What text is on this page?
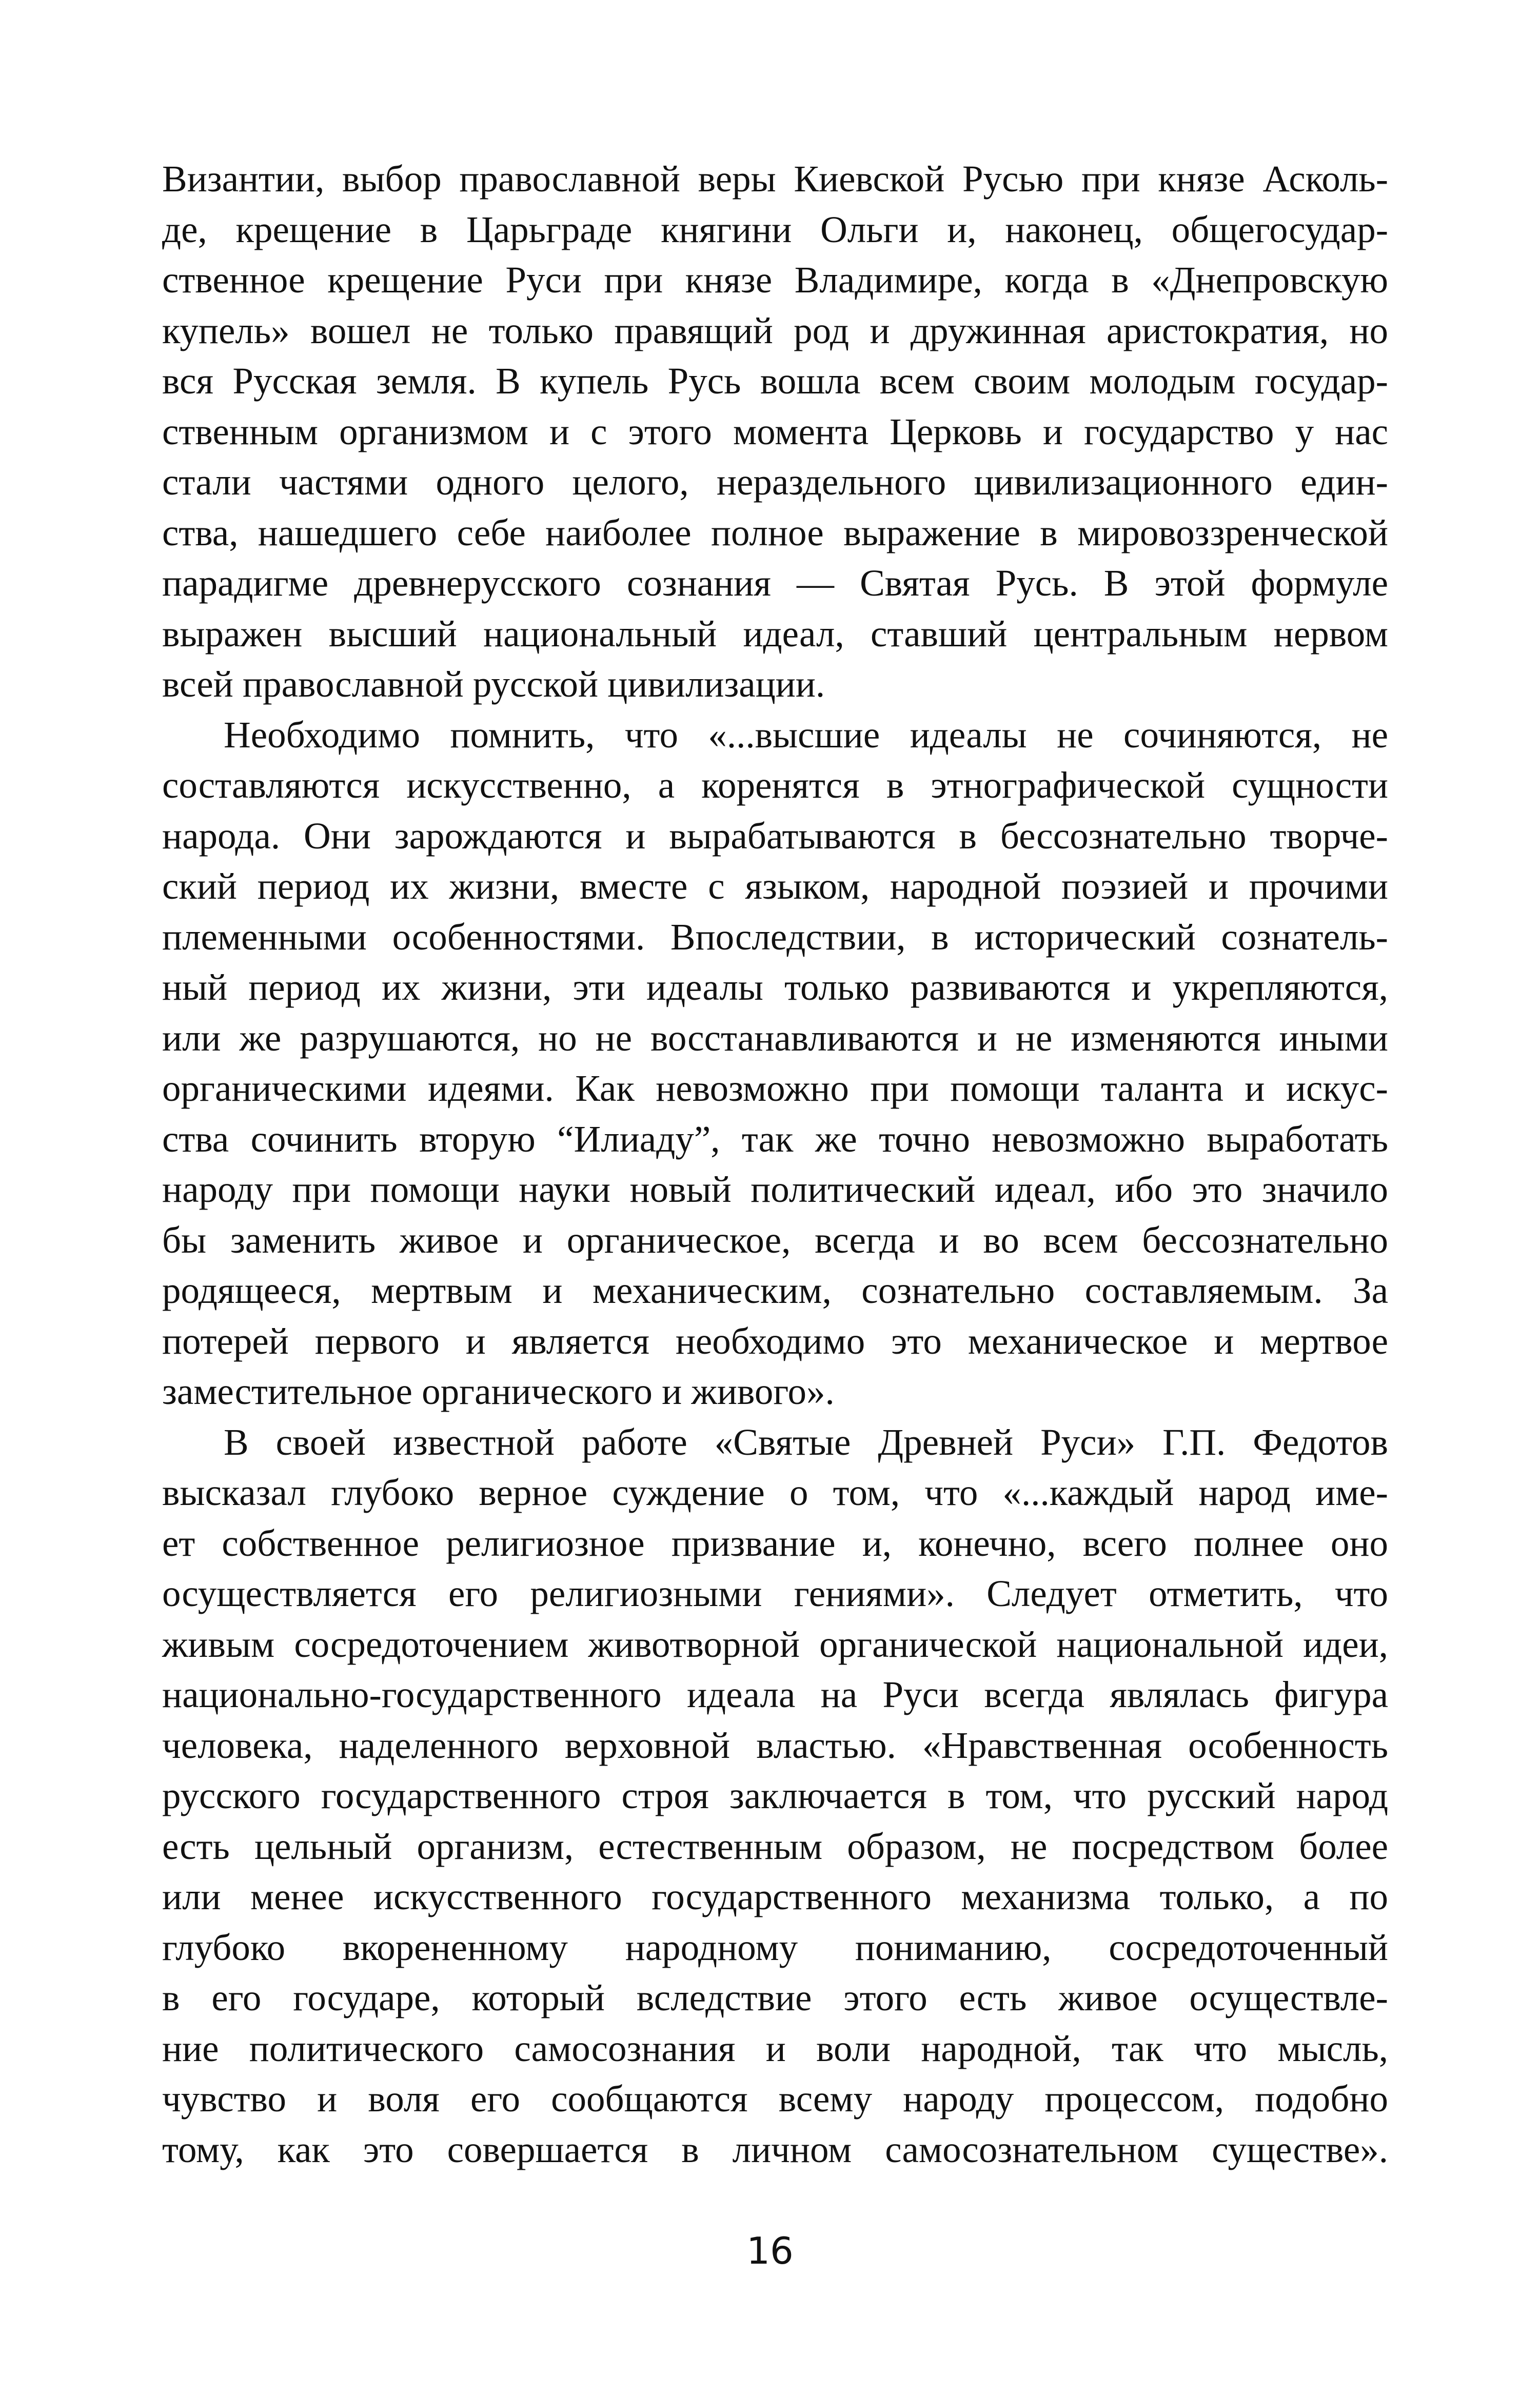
Византии, выбор православной веры Киевской Русью при князе Асколь-
де, крещение в Царьграде княгини Ольги и, наконец, общегосудар-
ственное крещение Руси при князе Владимире, когда в «Днепровскую
купель» вошел не только правящий род и дружинная аристократия, но
вся Русская земля. В купель Русь вошла всем своим молодым государ-
ственным организмом и с этого момента Церковь и государство у нас
стали частями одного целого, нераздельного цивилизационного един-
ства, нашедшего себе наиболее полное выражение в мировоззренческой
парадигме древнерусского сознания — Святая Русь. В этой формуле
выражен высший национальный идеал, ставший центральным нервом
всей православной русской цивилизации.
Необходимо помнить, что «...высшие идеалы не сочиняются, не
составляются искусственно, а коренятся в этнографической сущности
народа. Они зарождаются и вырабатываются в бессознательно творче-
ский период их жизни, вместе с языком, народной поэзией и прочими
племенными особенностями. Впоследствии, в исторический сознатель-
ный период их жизни, эти идеалы только развиваются и укрепляются,
или же разрушаются, но не восстанавливаются и не изменяются иными
органическими идеями. Как невозможно при помощи таланта и искус-
ства сочинить вторую “Илиаду”, так же точно невозможно выработать
народу при помощи науки новый политический идеал, ибо это значило
бы заменить живое и органическое, всегда и во всем бессознательно
родящееся, мертвым и механическим, сознательно составляемым. За
потерей первого и является необходимо это механическое и мертвое
заместительное органического и живого».
В своей известной работе «Святые Древней Руси» Г.П. Федотов
высказал глубоко верное суждение о том, что «...каждый народ име-
ет собственное религиозное призвание и, конечно, всего полнее оно
осуществляется его религиозными гениями». Следует отметить, что
живым сосредоточением животворной органической национальной идеи,
национально-государственного идеала на Руси всегда являлась фигура
человека, наделенного верховной властью. «Нравственная особенность
русского государственного строя заключается в том, что русский народ
есть цельный организм, естественным образом, не посредством более
или менее искусственного государственного механизма только, а по
глубоко вкорененному народному пониманию, сосредоточенный
в его государе, который вследствие этого есть живое осуществле-
ние политического самосознания и воли народной, так что мысль,
чувство и воля его сообщаются всему народу процессом, подобно
тому, как это совершается в личном самосознательном существе».
16
